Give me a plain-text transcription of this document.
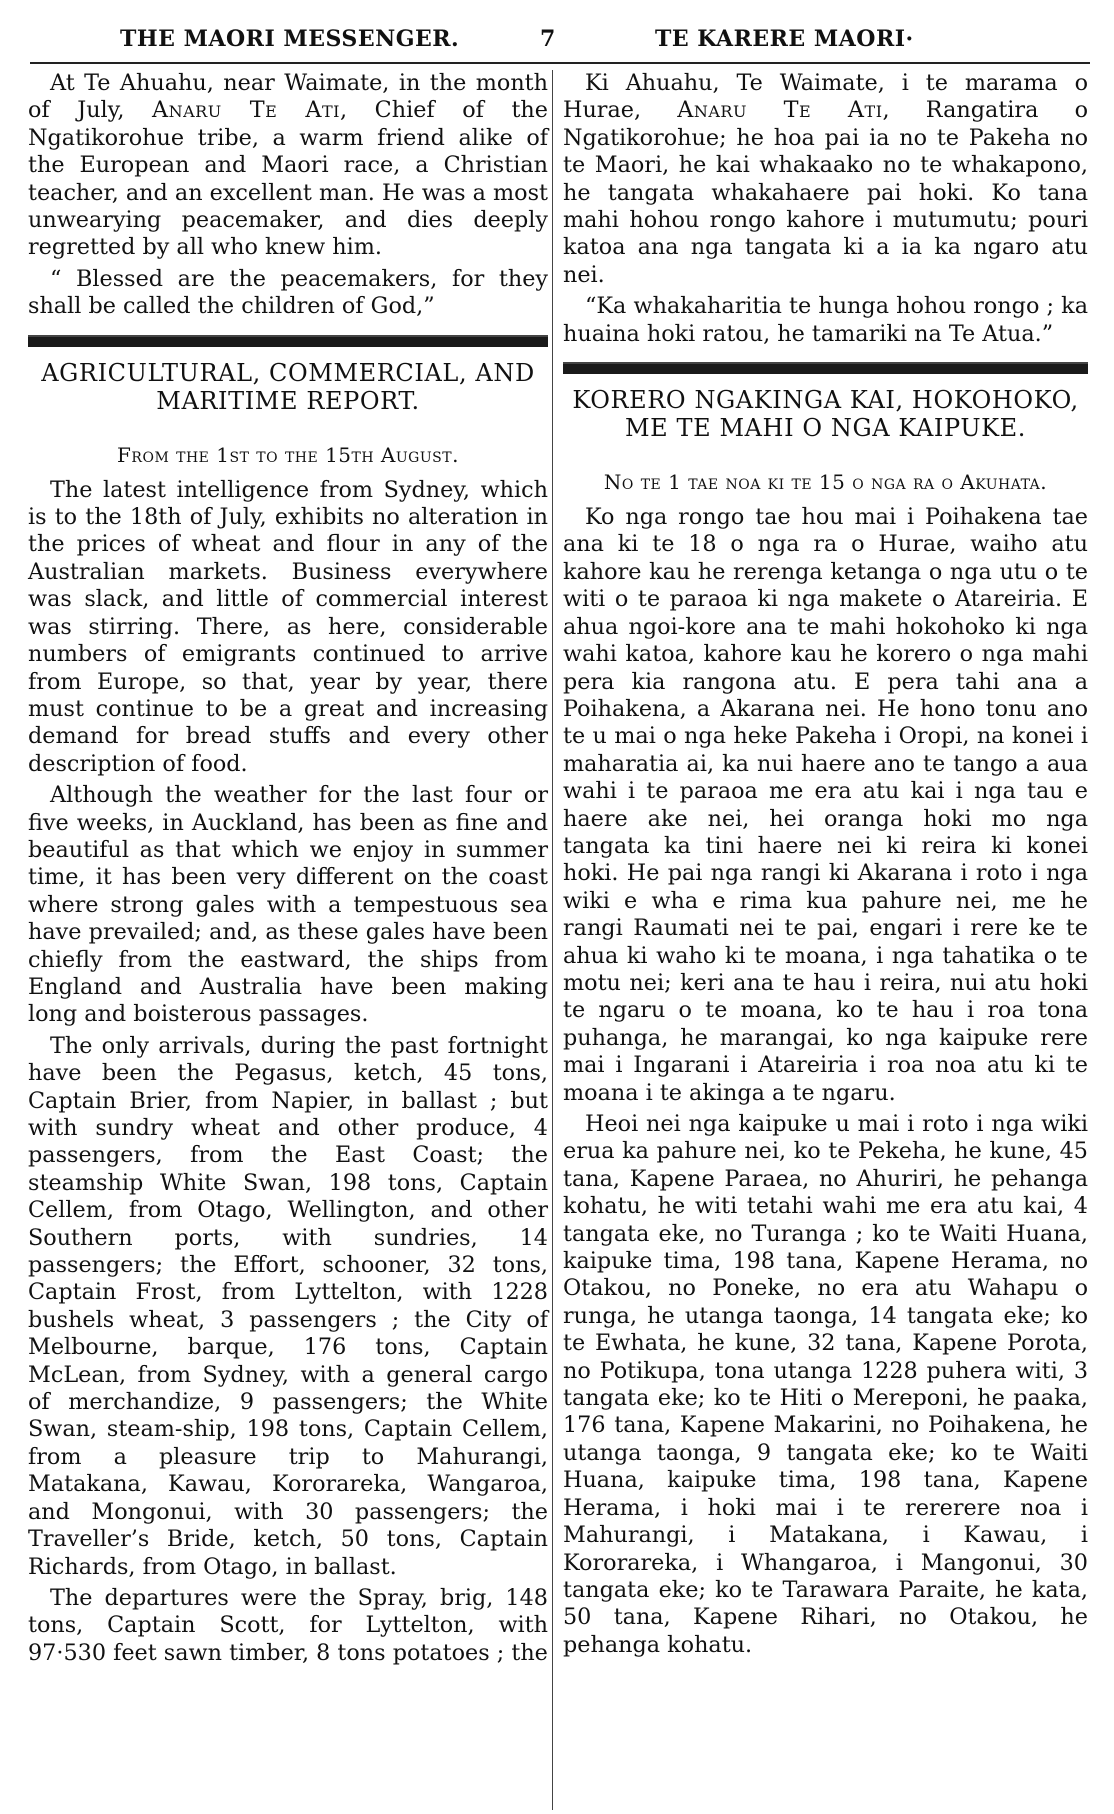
THE MAORI MESSENGER.	7	TE KARERE MAORI·

At Te Ahuahu, near Waimate, in the month of July, Anaru Te Ati, Chief of the Ngatikorohue tribe, a warm friend alike of the European and Maori race, a Christian teacher, and an excellent man. He was a most unwearying peacemaker, and dies deeply regretted by all who knew him.

“ Blessed are the peacemakers, for they shall be called the children of God,”

AGRICULTURAL, COMMERCIAL, AND MARITIME REPORT.
From the 1st to the 15th August.

The latest intelligence from Sydney, which is to the 18th of July, exhibits no alteration in the prices of wheat and flour in any of the Australian markets. Business everywhere was slack, and little of commercial interest was stirring. There, as here, considerable numbers of emigrants continued to arrive from Europe, so that, year by year, there must continue to be a great and increasing demand for bread stuffs and every other description of food.

Although the weather for the last four or five weeks, in Auckland, has been as fine and beautiful as that which we enjoy in summer time, it has been very different on the coast where strong gales with a tempestuous sea have prevailed; and, as these gales have been chiefly from the eastward, the ships from England and Australia have been making long and boisterous passages.

The only arrivals, during the past fortnight have been the Pegasus, ketch, 45 tons, Captain Brier, from Napier, in ballast ; but with sundry wheat and other produce, 4 passengers, from the East Coast; the steamship White Swan, 198 tons, Captain Cellem, from Otago, Wellington, and other Southern ports, with sundries, 14 passengers; the Effort, schooner, 32 tons, Captain Frost, from Lyttelton, with 1228 bushels wheat, 3 passengers ; the City of Melbourne, barque, 176 tons, Captain McLean, from Sydney, with a general cargo of merchandize, 9 passengers; the White Swan, steam-ship, 198 tons, Captain Cellem, from a pleasure trip to Mahurangi, Matakana, Kawau, Kororareka, Wangaroa, and Mongonui, with 30 passengers; the Traveller’s Bride, ketch, 50 tons, Captain Richards, from Otago, in ballast.

The departures were the Spray, brig, 148 tons, Captain Scott, for Lyttelton, with 97·530 feet sawn timber, 8 tons potatoes ; the

Ki Ahuahu, Te Waimate, i te marama o Hurae, Anaru Te Ati, Rangatira o Ngatikorohue; he hoa pai ia no te Pakeha no te Maori, he kai whakaako no te whakapono, he tangata whakahaere pai hoki. Ko tana mahi hohou rongo kahore i mutumutu; pouri katoa ana nga tangata ki a ia ka ngaro atu nei.

“Ka whakaharitia te hunga hohou rongo ; ka huaina hoki ratou, he tamariki na Te Atua.”

KORERO NGAKINGA KAI, HOKOHOKO, ME TE MAHI O NGA KAIPUKE.
No te 1 tae noa ki te 15 o nga ra o Akuhata.

Ko nga rongo tae hou mai i Poihakena tae ana ki te 18 o nga ra o Hurae, waiho atu kahore kau he rerenga ketanga o nga utu o te witi o te paraoa ki nga makete o Atareiria. E ahua ngoi-kore ana te mahi hokohoko ki nga wahi katoa, kahore kau he korero o nga mahi pera kia rangona atu. E pera tahi ana a Poihakena, a Akarana nei. He hono tonu ano te u mai o nga heke Pakeha i Oropi, na konei i maharatia ai, ka nui haere ano te tango a aua wahi i te paraoa me era atu kai i nga tau e haere ake nei, hei oranga hoki mo nga tangata ka tini haere nei ki reira ki konei hoki. He pai nga rangi ki Akarana i roto i nga wiki e wha e rima kua pahure nei, me he rangi Raumati nei te pai, engari i rere ke te ahua ki waho ki te moana, i nga tahatika o te motu nei; keri ana te hau i reira, nui atu hoki te ngaru o te moana, ko te hau i roa tona puhanga, he marangai, ko nga kaipuke rere mai i Ingarani i Atareiria i roa noa atu ki te moana i te akinga a te ngaru.

Heoi nei nga kaipuke u mai i roto i nga wiki erua ka pahure nei, ko te Pekeha, he kune, 45 tana, Kapene Paraea, no Ahuriri, he pehanga kohatu, he witi tetahi wahi me era atu kai, 4 tangata eke, no Turanga ; ko te Waiti Huana, kaipuke tima, 198 tana, Kapene Herama, no Otakou, no Poneke, no era atu Wahapu o runga, he utanga taonga, 14 tangata eke; ko te Ewhata, he kune, 32 tana, Kapene Porota, no Potikupa, tona utanga 1228 puhera witi, 3 tangata eke; ko te Hiti o Mereponi, he paaka, 176 tana, Kapene Makarini, no Poihakena, he utanga taonga, 9 tangata eke; ko te Waiti Huana, kaipuke tima, 198 tana, Kapene Herama, i hoki mai i te rererere noa i Mahurangi, i Matakana, i Kawau, i Kororareka, i Whangaroa, i Mangonui, 30 tangata eke; ko te Tarawara Paraite, he kata, 50 tana, Kapene Rihari, no Otakou, he pehanga kohatu.
